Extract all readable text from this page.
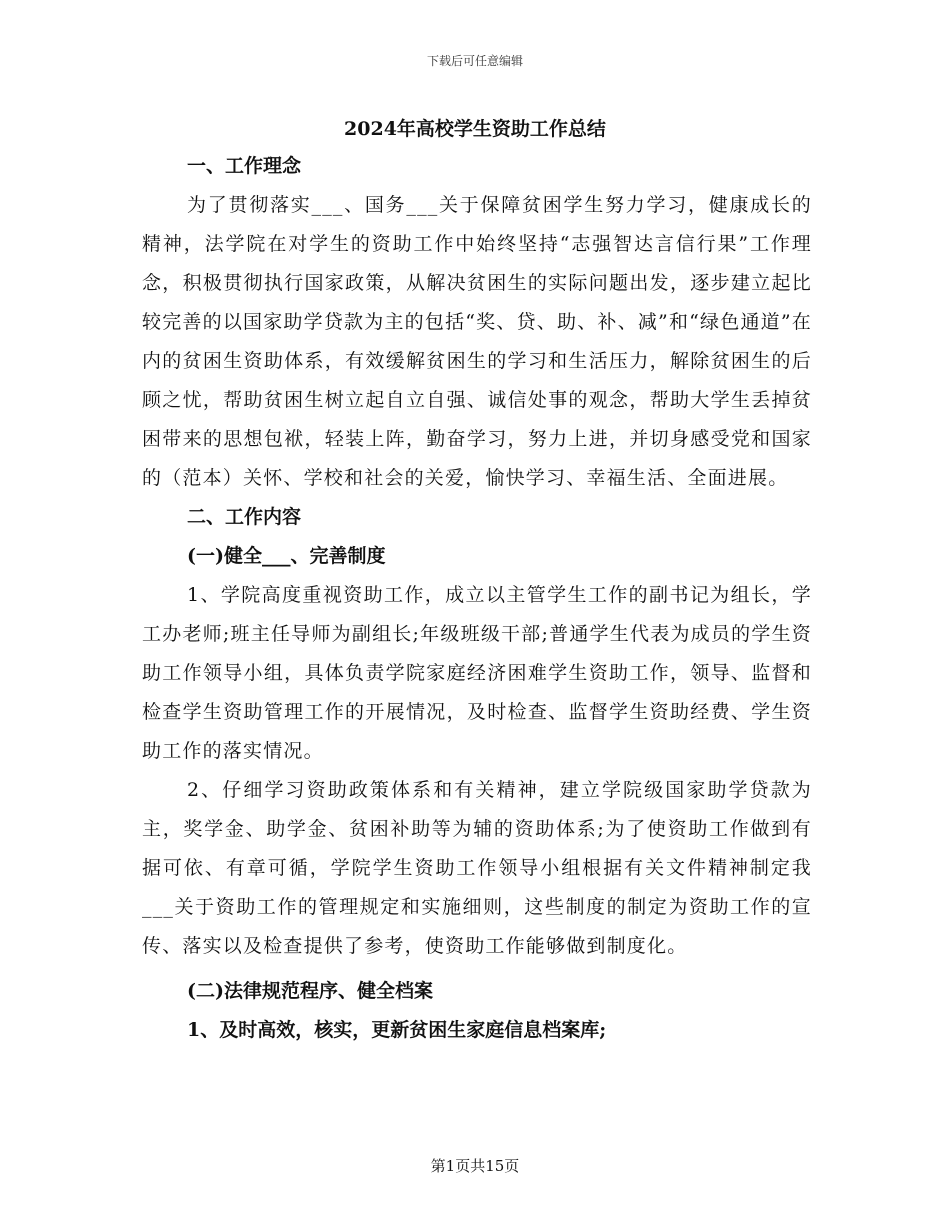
下载后可任意编辑
2024年高校学生资助工作总结

一、工作理念

为了贯彻落实___、国务___关于保障贫困学生努力学习，健康成长的精神，法学院在对学生的资助工作中始终坚持“志强智达言信行果”工作理念，积极贯彻执行国家政策，从解决贫困生的实际问题出发，逐步建立起比较完善的以国家助学贷款为主的包括“奖、贷、助、补、减”和“绿色通道”在内的贫困生资助体系，有效缓解贫困生的学习和生活压力，解除贫困生的后顾之忧，帮助贫困生树立起自立自强、诚信处事的观念，帮助大学生丢掉贫困带来的思想包袱，轻装上阵，勤奋学习，努力上进，并切身感受党和国家的（范本）关怀、学校和社会的关爱，愉快学习、幸福生活、全面进展。

二、工作内容

(一)健全___、完善制度

1、学院高度重视资助工作，成立以主管学生工作的副书记为组长，学工办老师;班主任导师为副组长;年级班级干部;普通学生代表为成员的学生资助工作领导小组，具体负责学院家庭经济困难学生资助工作，领导、监督和检查学生资助管理工作的开展情况，及时检查、监督学生资助经费、学生资助工作的落实情况。

2、仔细学习资助政策体系和有关精神，建立学院级国家助学贷款为主，奖学金、助学金、贫困补助等为辅的资助体系;为了使资助工作做到有据可依、有章可循，学院学生资助工作领导小组根据有关文件精神制定我___关于资助工作的管理规定和实施细则，这些制度的制定为资助工作的宣传、落实以及检查提供了参考，使资助工作能够做到制度化。

(二)法律规范程序、健全档案

1、及时高效，核实，更新贫困生家庭信息档案库;

第1页共15页
